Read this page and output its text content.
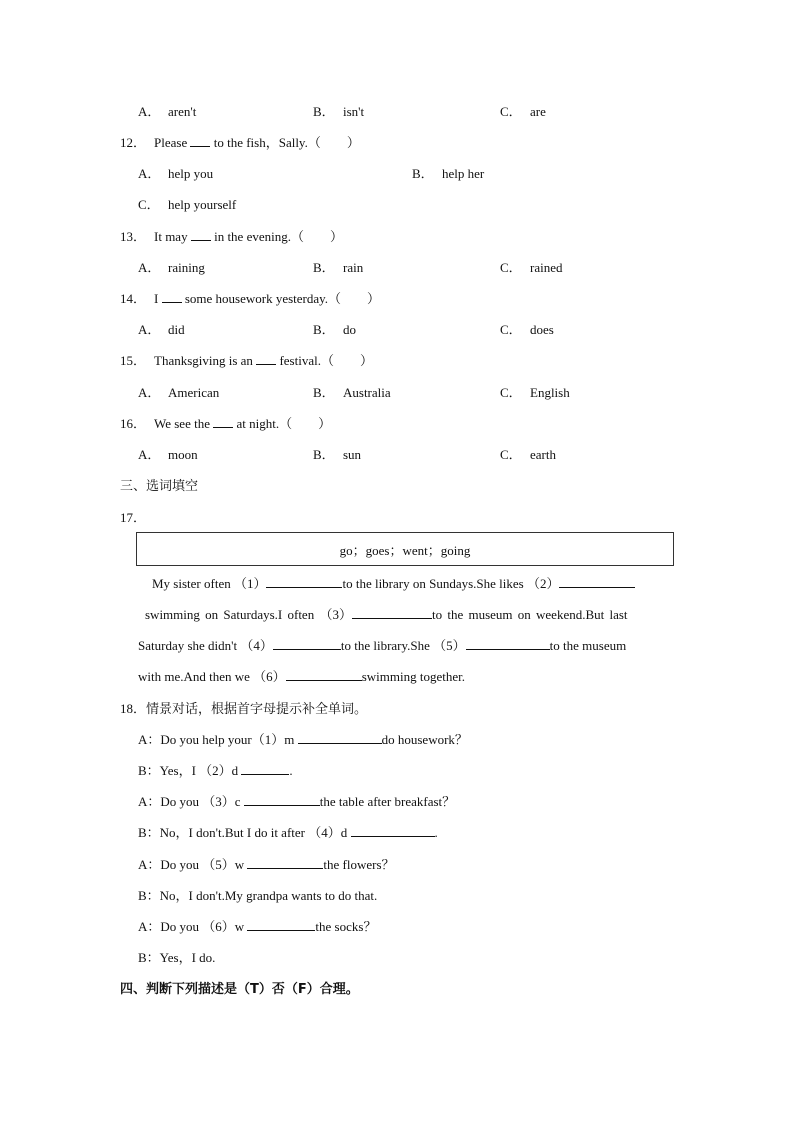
A． aren't	B． isn't	C． are
12． Please  to the fish，Sally.（　　）
A． help you	B． help her
C． help yourself
13． It may  in the evening.（　　）
A． raining	B． rain	C． rained
14． I  some housework yesterday.（　　）
A． did	B． do	C． does
15． Thanksgiving is an  festival.（　　）
A． American	B． Australia	C． English
16． We see the  at night.（　　）
A． moon	B． sun	C． earth
三、选词填空
17．
go；goes；went；going
My sister often （1）	to the library on Sundays.She likes （2）
swimming on Saturdays.I often （3）	to the museum on weekend.But last
Saturday she didn't （4）	to the library.She （5）	to the museum
with me.And then we （6）	swimming together.
18．情景对话，根据首字母提示补全单词。
A：Do you help your（1）m	do housework？
B：Yes，I （2）d	.
A：Do you （3）c	the table after breakfast？
B：No，I don't.But I do it after （4）d	.
A：Do you （5）w	the flowers？
B：No，I don't.My grandpa wants to do that.
A：Do you （6）w	the socks？
B：Yes，I do.
四、判断下列描述是（T）否（F）合理。
